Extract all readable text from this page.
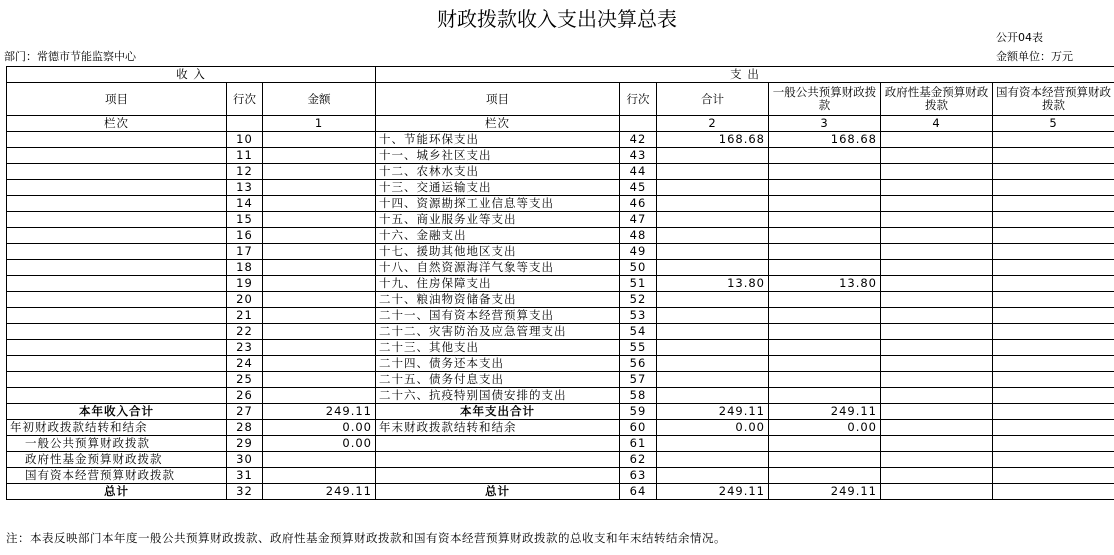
财政拨款收入支出决算总表
公开04表
部门：常德市节能监察中心	金额单位：万元
收 入			支 出					
项目	行次	金额	项目	行次	合计	一般公共预算财政拨款	政府性基金预算财政拨款	国有资本经营预算财政拨款
栏次		1	栏次		2	3	4	5
	10		十、节能环保支出	42	168.68	168.68		
	11		十一、城乡社区支出	43				
	12		十二、农林水支出	44				
	13		十三、交通运输支出	45				
	14		十四、资源勘探工业信息等支出	46				
	15		十五、商业服务业等支出	47				
	16		十六、金融支出	48				
	17		十七、援助其他地区支出	49				
	18		十八、自然资源海洋气象等支出	50				
	19		十九、住房保障支出	51	13.80	13.80		
	20		二十、粮油物资储备支出	52				
	21		二十一、国有资本经营预算支出	53				
	22		二十二、灾害防治及应急管理支出	54				
	23		二十三、其他支出	55				
	24		二十四、债务还本支出	56				
	25		二十五、债务付息支出	57				
	26		二十六、抗疫特别国债安排的支出	58				
本年收入合计	27	249.11	本年支出合计	59	249.11	249.11		
年初财政拨款结转和结余	28	0.00	年末财政拨款结转和结余	60	0.00	0.00		
一般公共预算财政拨款	29	0.00		61				
政府性基金预算财政拨款	30			62				
国有资本经营预算财政拨款	31			63				
总计	32	249.11	总计	64	249.11	249.11		
注：本表反映部门本年度一般公共预算财政拨款、政府性基金预算财政拨款和国有资本经营预算财政拨款的总收支和年末结转结余情况。
